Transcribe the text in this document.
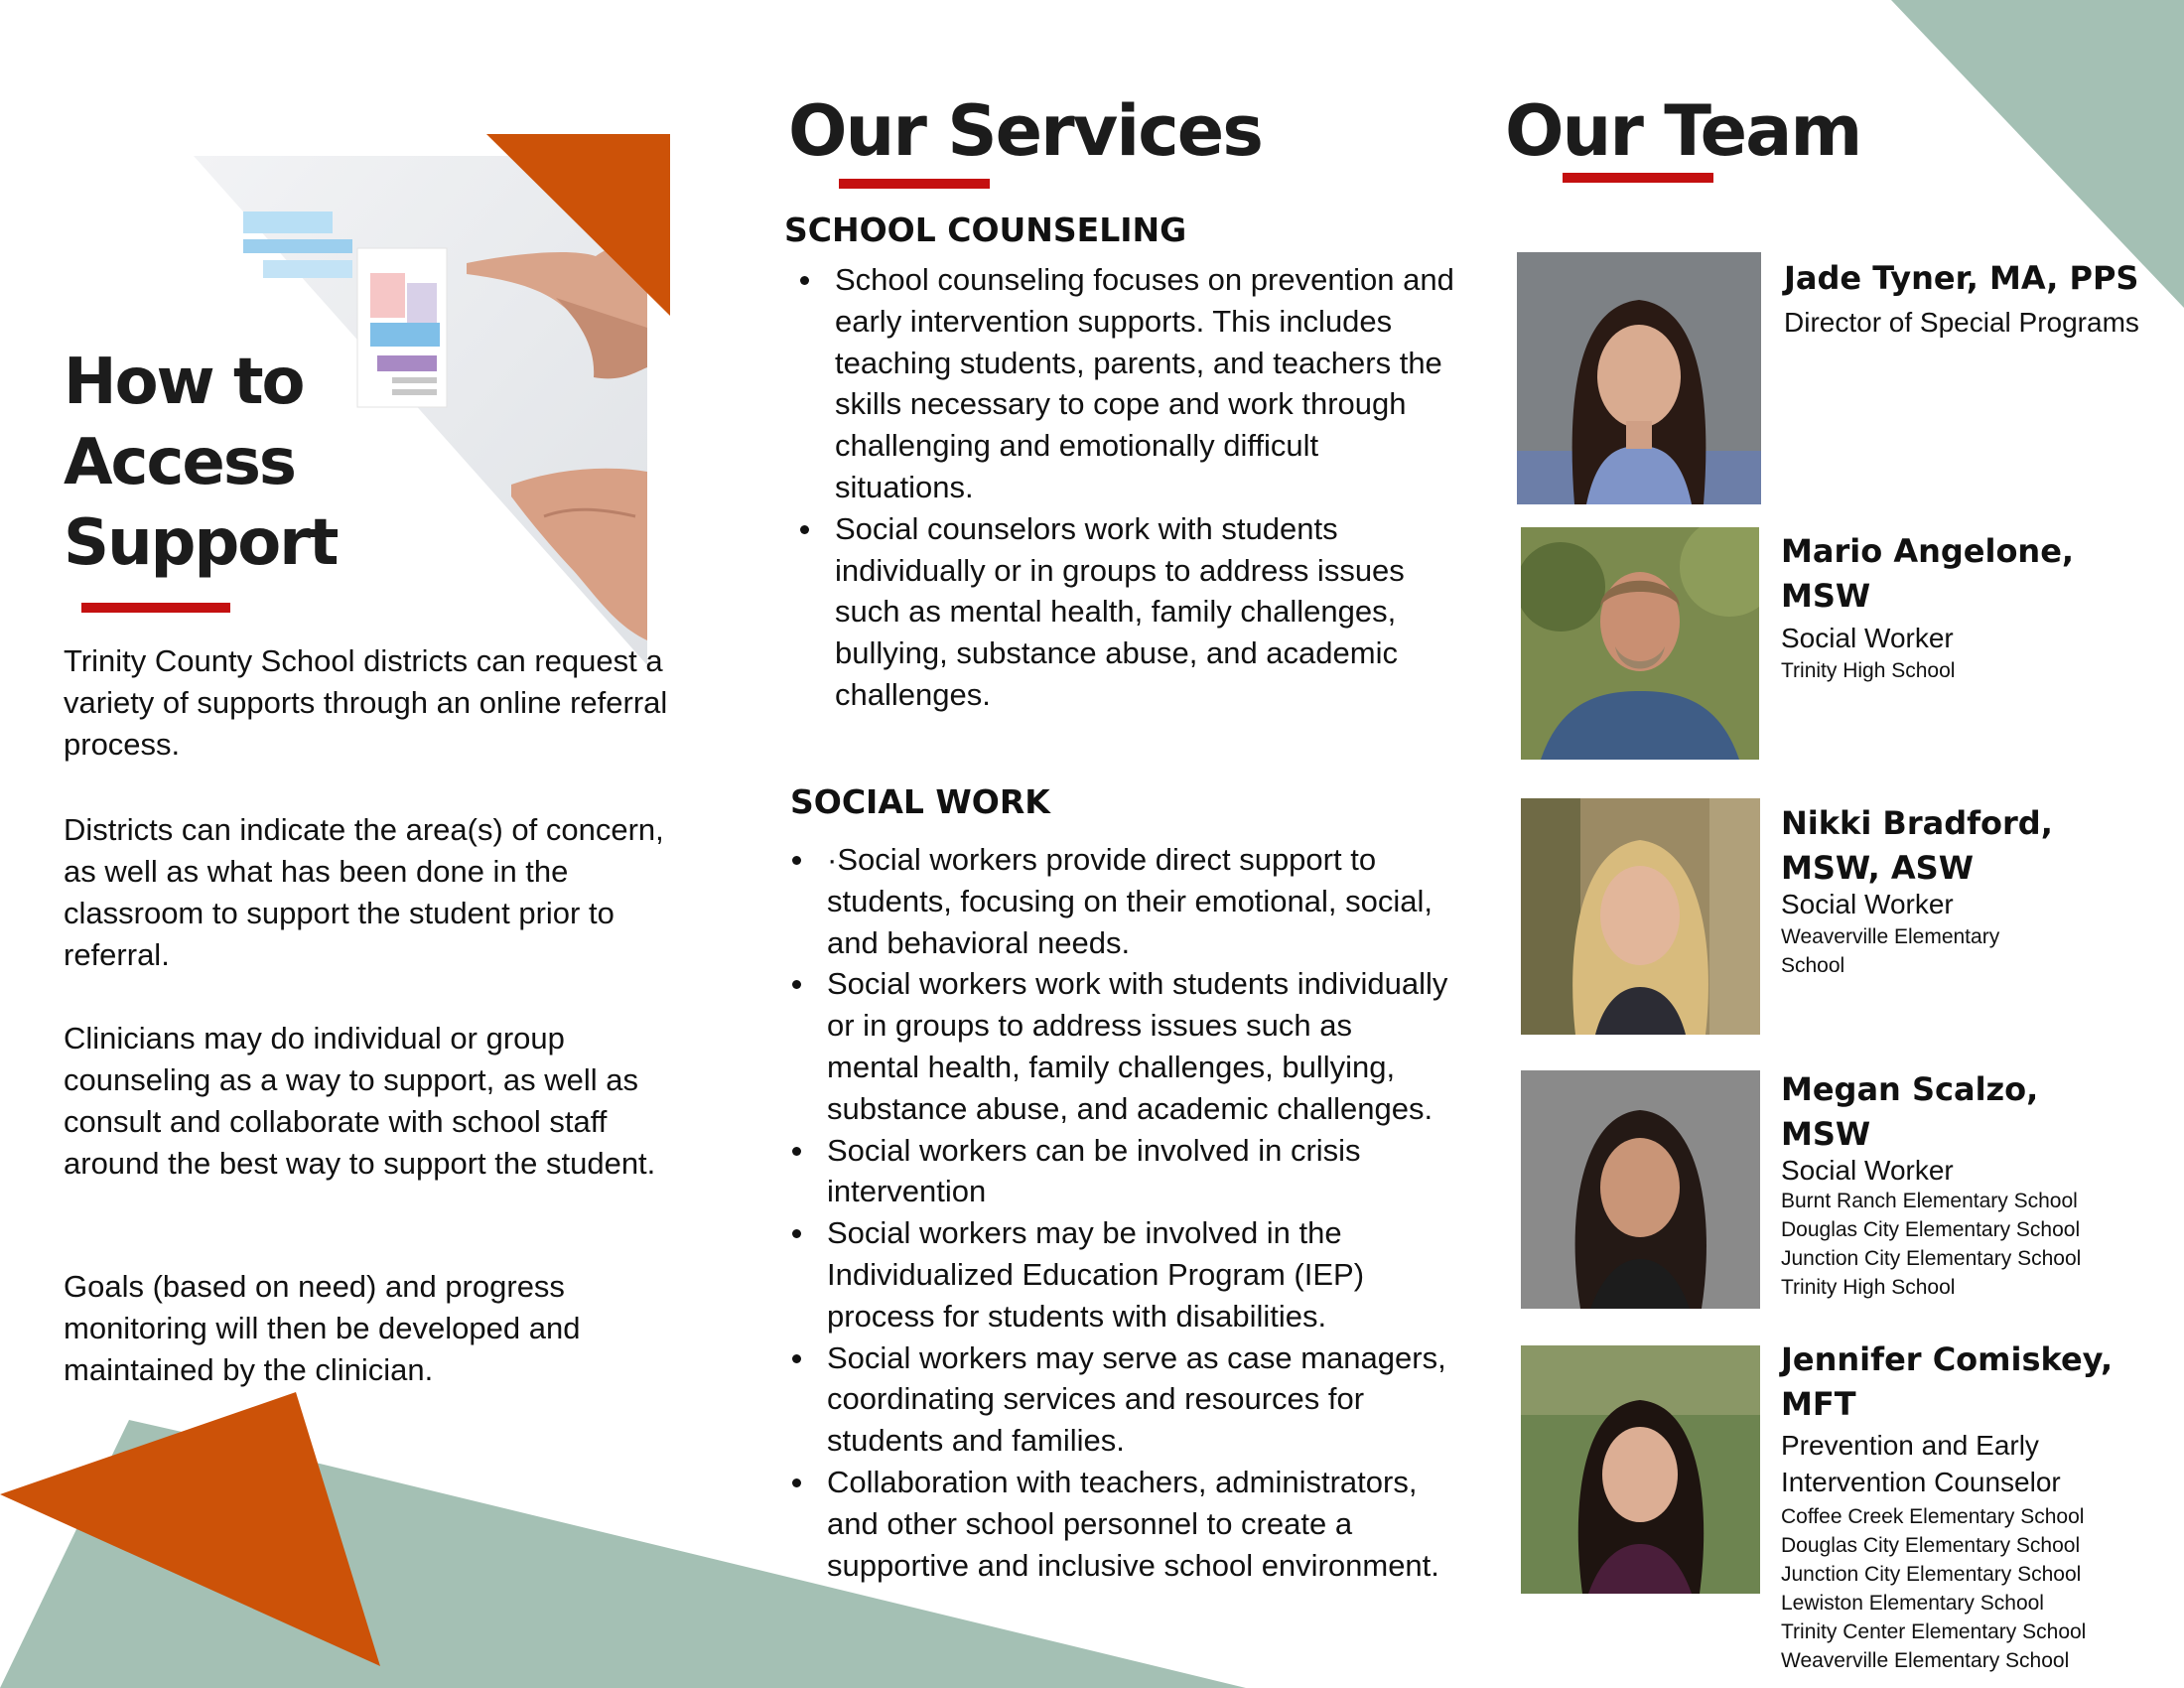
How to
Access
Support

Trinity County School districts can request a variety of supports through an online referral process.

Districts can indicate the area(s) of concern, as well as what has been done in the classroom to support the student prior to referral.

Clinicians may do individual or group counseling as a way to support, as well as consult and collaborate with school staff around the best way to support the student.

Goals (based on need) and progress monitoring will then be developed and maintained by the clinician.

Our Services
SCHOOL COUNSELING
School counseling focuses on prevention and early intervention supports. This includes teaching students, parents, and teachers the skills necessary to cope and work through challenging and emotionally difficult situations.
Social counselors work with students individually or in groups to address issues such as mental health, family challenges, bullying, substance abuse, and academic challenges.
SOCIAL WORK
·Social workers provide direct support to students, focusing on their emotional, social, and behavioral needs.
Social workers work with students individually or in groups to address issues such as mental health, family challenges, bullying, substance abuse, and academic challenges.
Social workers can be involved in crisis intervention
Social workers may be involved in the Individualized Education Program (IEP) process for students with disabilities.
Social workers may serve as case managers, coordinating services and resources for students and families.
Collaboration with teachers, administrators, and other school personnel to create a supportive and inclusive school environment.
Our Team

Jade Tyner, MA, PPS

Director of Special Programs

Mario Angelone, MSW

Social Worker

Trinity High School

Nikki Bradford, MSW, ASW

Social Worker

Weaverville Elementary School

Megan Scalzo, MSW

Social Worker

Burnt Ranch Elementary School

Douglas City Elementary School

Junction City Elementary School

Trinity High School

Jennifer Comiskey, MFT

Prevention and Early Intervention Counselor

Coffee Creek Elementary School

Douglas City Elementary School

Junction City Elementary School

Lewiston Elementary School

Trinity Center Elementary School

Weaverville Elementary School
